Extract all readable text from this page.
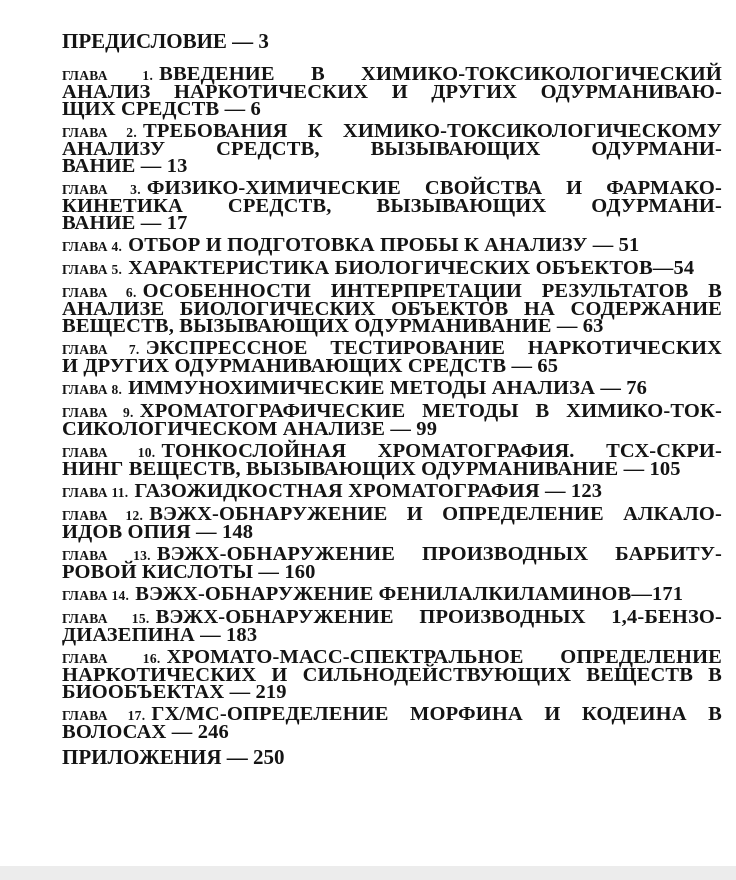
ПРЕДИСЛОВИЕ — 3
ГЛАВА 1. ВВЕДЕНИЕ В ХИМИКО-ТОКСИКОЛОГИЧЕСКИЙ
АНАЛИЗ НАРКОТИЧЕСКИХ И ДРУГИХ ОДУРМАНИВАЮ-
ЩИХ СРЕДСТВ — 6
ГЛАВА 2. ТРЕБОВАНИЯ К ХИМИКО-ТОКСИКОЛОГИЧЕСКОМУ
АНАЛИЗУ СРЕДСТВ, ВЫЗЫВАЮЩИХ ОДУРМАНИ-
ВАНИЕ — 13
ГЛАВА 3. ФИЗИКО-ХИМИЧЕСКИЕ СВОЙСТВА И ФАРМАКО-
КИНЕТИКА СРЕДСТВ, ВЫЗЫВАЮЩИХ ОДУРМАНИ-
ВАНИЕ — 17
ГЛАВА 4. ОТБОР И ПОДГОТОВКА ПРОБЫ К АНАЛИЗУ — 51
ГЛАВА 5. ХАРАКТЕРИСТИКА БИОЛОГИЧЕСКИХ ОБЪЕКТОВ—54
ГЛАВА 6. ОСОБЕННОСТИ ИНТЕРПРЕТАЦИИ РЕЗУЛЬТАТОВ В
АНАЛИЗЕ БИОЛОГИЧЕСКИХ ОБЪЕКТОВ НА СОДЕРЖАНИЕ
ВЕЩЕСТВ, ВЫЗЫВАЮЩИХ ОДУРМАНИВАНИЕ — 63
ГЛАВА 7. ЭКСПРЕССНОЕ ТЕСТИРОВАНИЕ НАРКОТИЧЕСКИХ
И ДРУГИХ ОДУРМАНИВАЮЩИХ СРЕДСТВ — 65
ГЛАВА 8. ИММУНОХИМИЧЕСКИЕ МЕТОДЫ АНАЛИЗА — 76
ГЛАВА 9. ХРОМАТОГРАФИЧЕСКИЕ МЕТОДЫ В ХИМИКО-ТОК-
СИКОЛОГИЧЕСКОМ АНАЛИЗЕ — 99
ГЛАВА 10. ТОНКОСЛОЙНАЯ ХРОМАТОГРАФИЯ. ТСХ-СКРИ-
НИНГ ВЕЩЕСТВ, ВЫЗЫВАЮЩИХ ОДУРМАНИВАНИЕ — 105
ГЛАВА 11. ГАЗОЖИДКОСТНАЯ ХРОМАТОГРАФИЯ — 123
ГЛАВА 12. ВЭЖХ-ОБНАРУЖЕНИЕ И ОПРЕДЕЛЕНИЕ АЛКАЛО-
ИДОВ ОПИЯ — 148
ГЛАВА 13. ВЭЖХ-ОБНАРУЖЕНИЕ ПРОИЗВОДНЫХ БАРБИТУ-
РОВОЙ КИСЛОТЫ — 160
ГЛАВА 14. ВЭЖХ-ОБНАРУЖЕНИЕ ФЕНИЛАЛКИЛАМИНОВ—171
ГЛАВА 15. ВЭЖХ-ОБНАРУЖЕНИЕ ПРОИЗВОДНЫХ 1,4-БЕНЗО-
ДИАЗЕПИНА — 183
ГЛАВА 16. ХРОМАТО-МАСС-СПЕКТРАЛЬНОЕ ОПРЕДЕЛЕНИЕ
НАРКОТИЧЕСКИХ И СИЛЬНОДЕЙСТВУЮЩИХ ВЕЩЕСТВ В
БИООБЪЕКТАХ — 219
ГЛАВА 17. ГХ/МС-ОПРЕДЕЛЕНИЕ МОРФИНА И КОДЕИНА В
ВОЛОСАХ — 246
ПРИЛОЖЕНИЯ — 250
